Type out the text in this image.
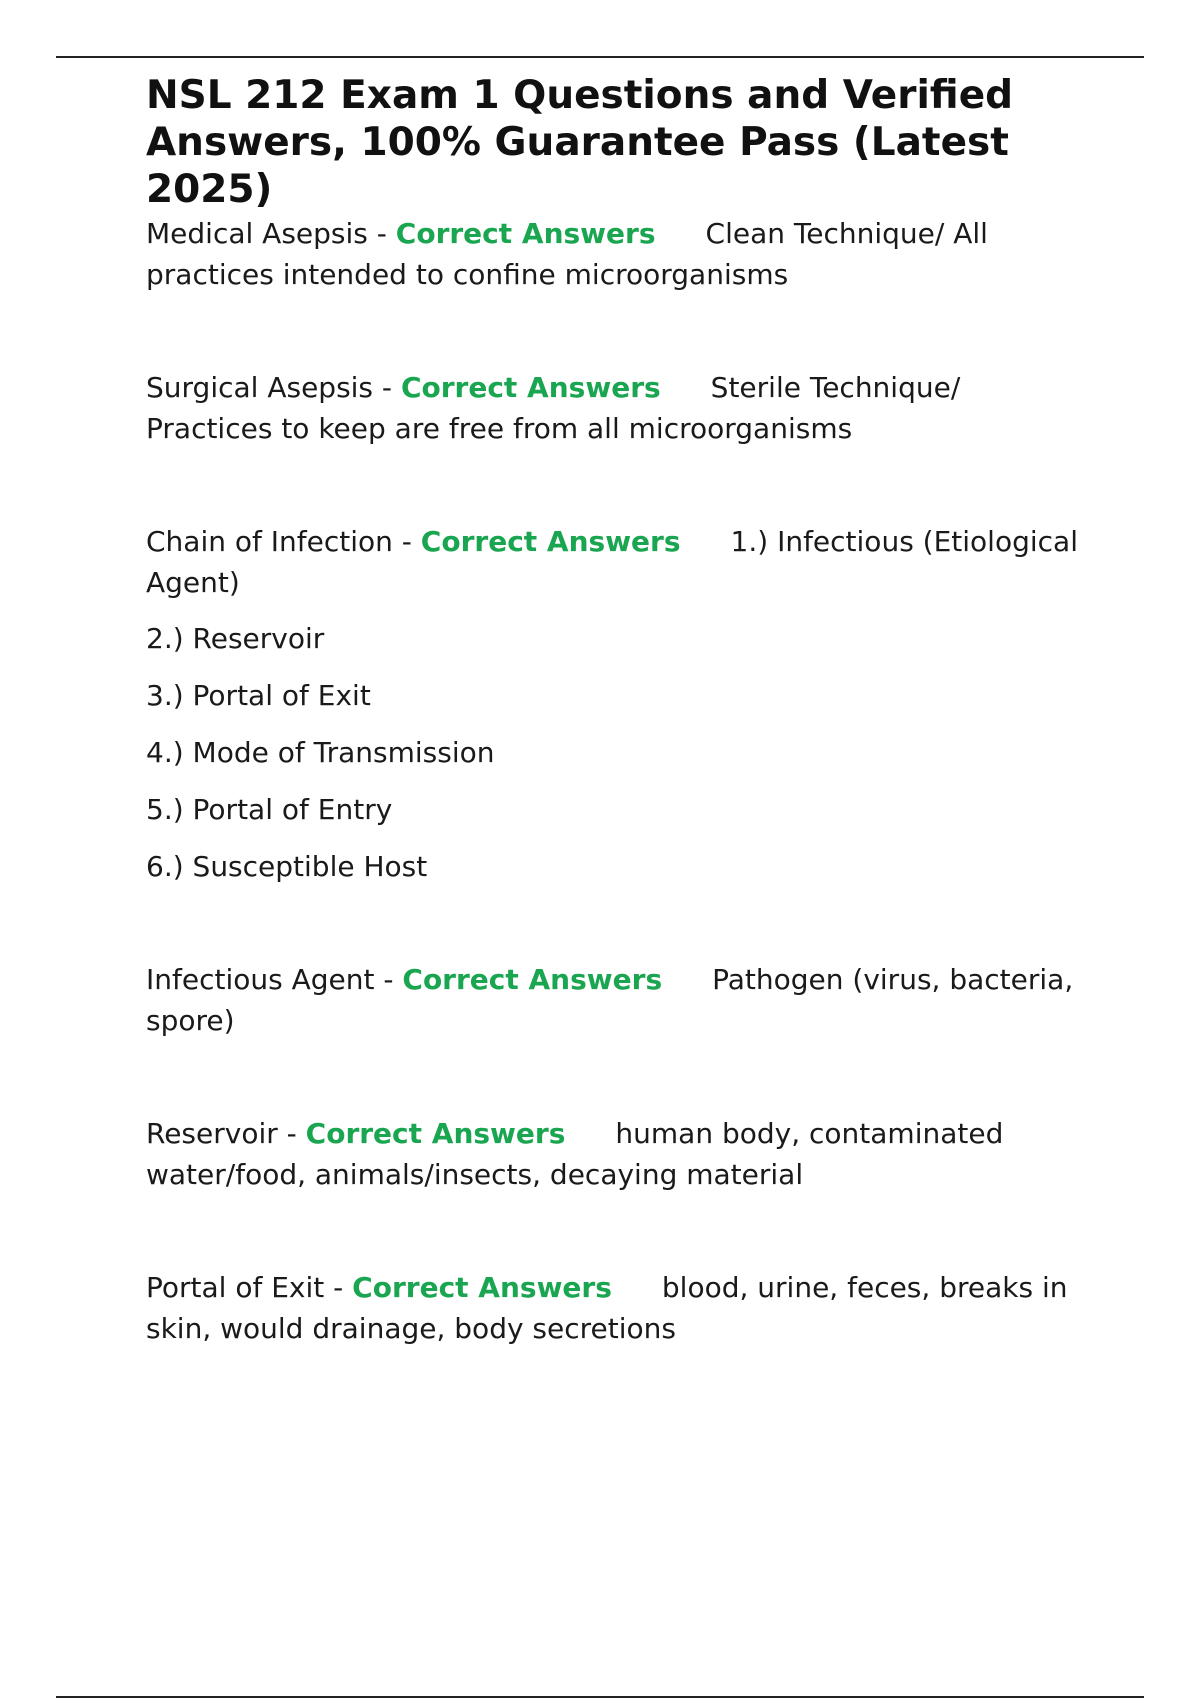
NSL 212 Exam 1 Questions and Verified Answers, 100% Guarantee Pass (Latest 2025)

Medical Asepsis - Correct Answers Clean Technique/ All practices intended to confine microorganisms

Surgical Asepsis - Correct Answers Sterile Technique/ Practices to keep are free from all microorganisms

Chain of Infection - Correct Answers 1.) Infectious (Etiological Agent)

2.) Reservoir
3.) Portal of Exit
4.) Mode of Transmission
5.) Portal of Entry
6.) Susceptible Host

Infectious Agent - Correct Answers Pathogen (virus, bacteria, spore)

Reservoir - Correct Answers human body, contaminated water/food, animals/insects, decaying material

Portal of Exit - Correct Answers blood, urine, feces, breaks in skin, would drainage, body secretions
